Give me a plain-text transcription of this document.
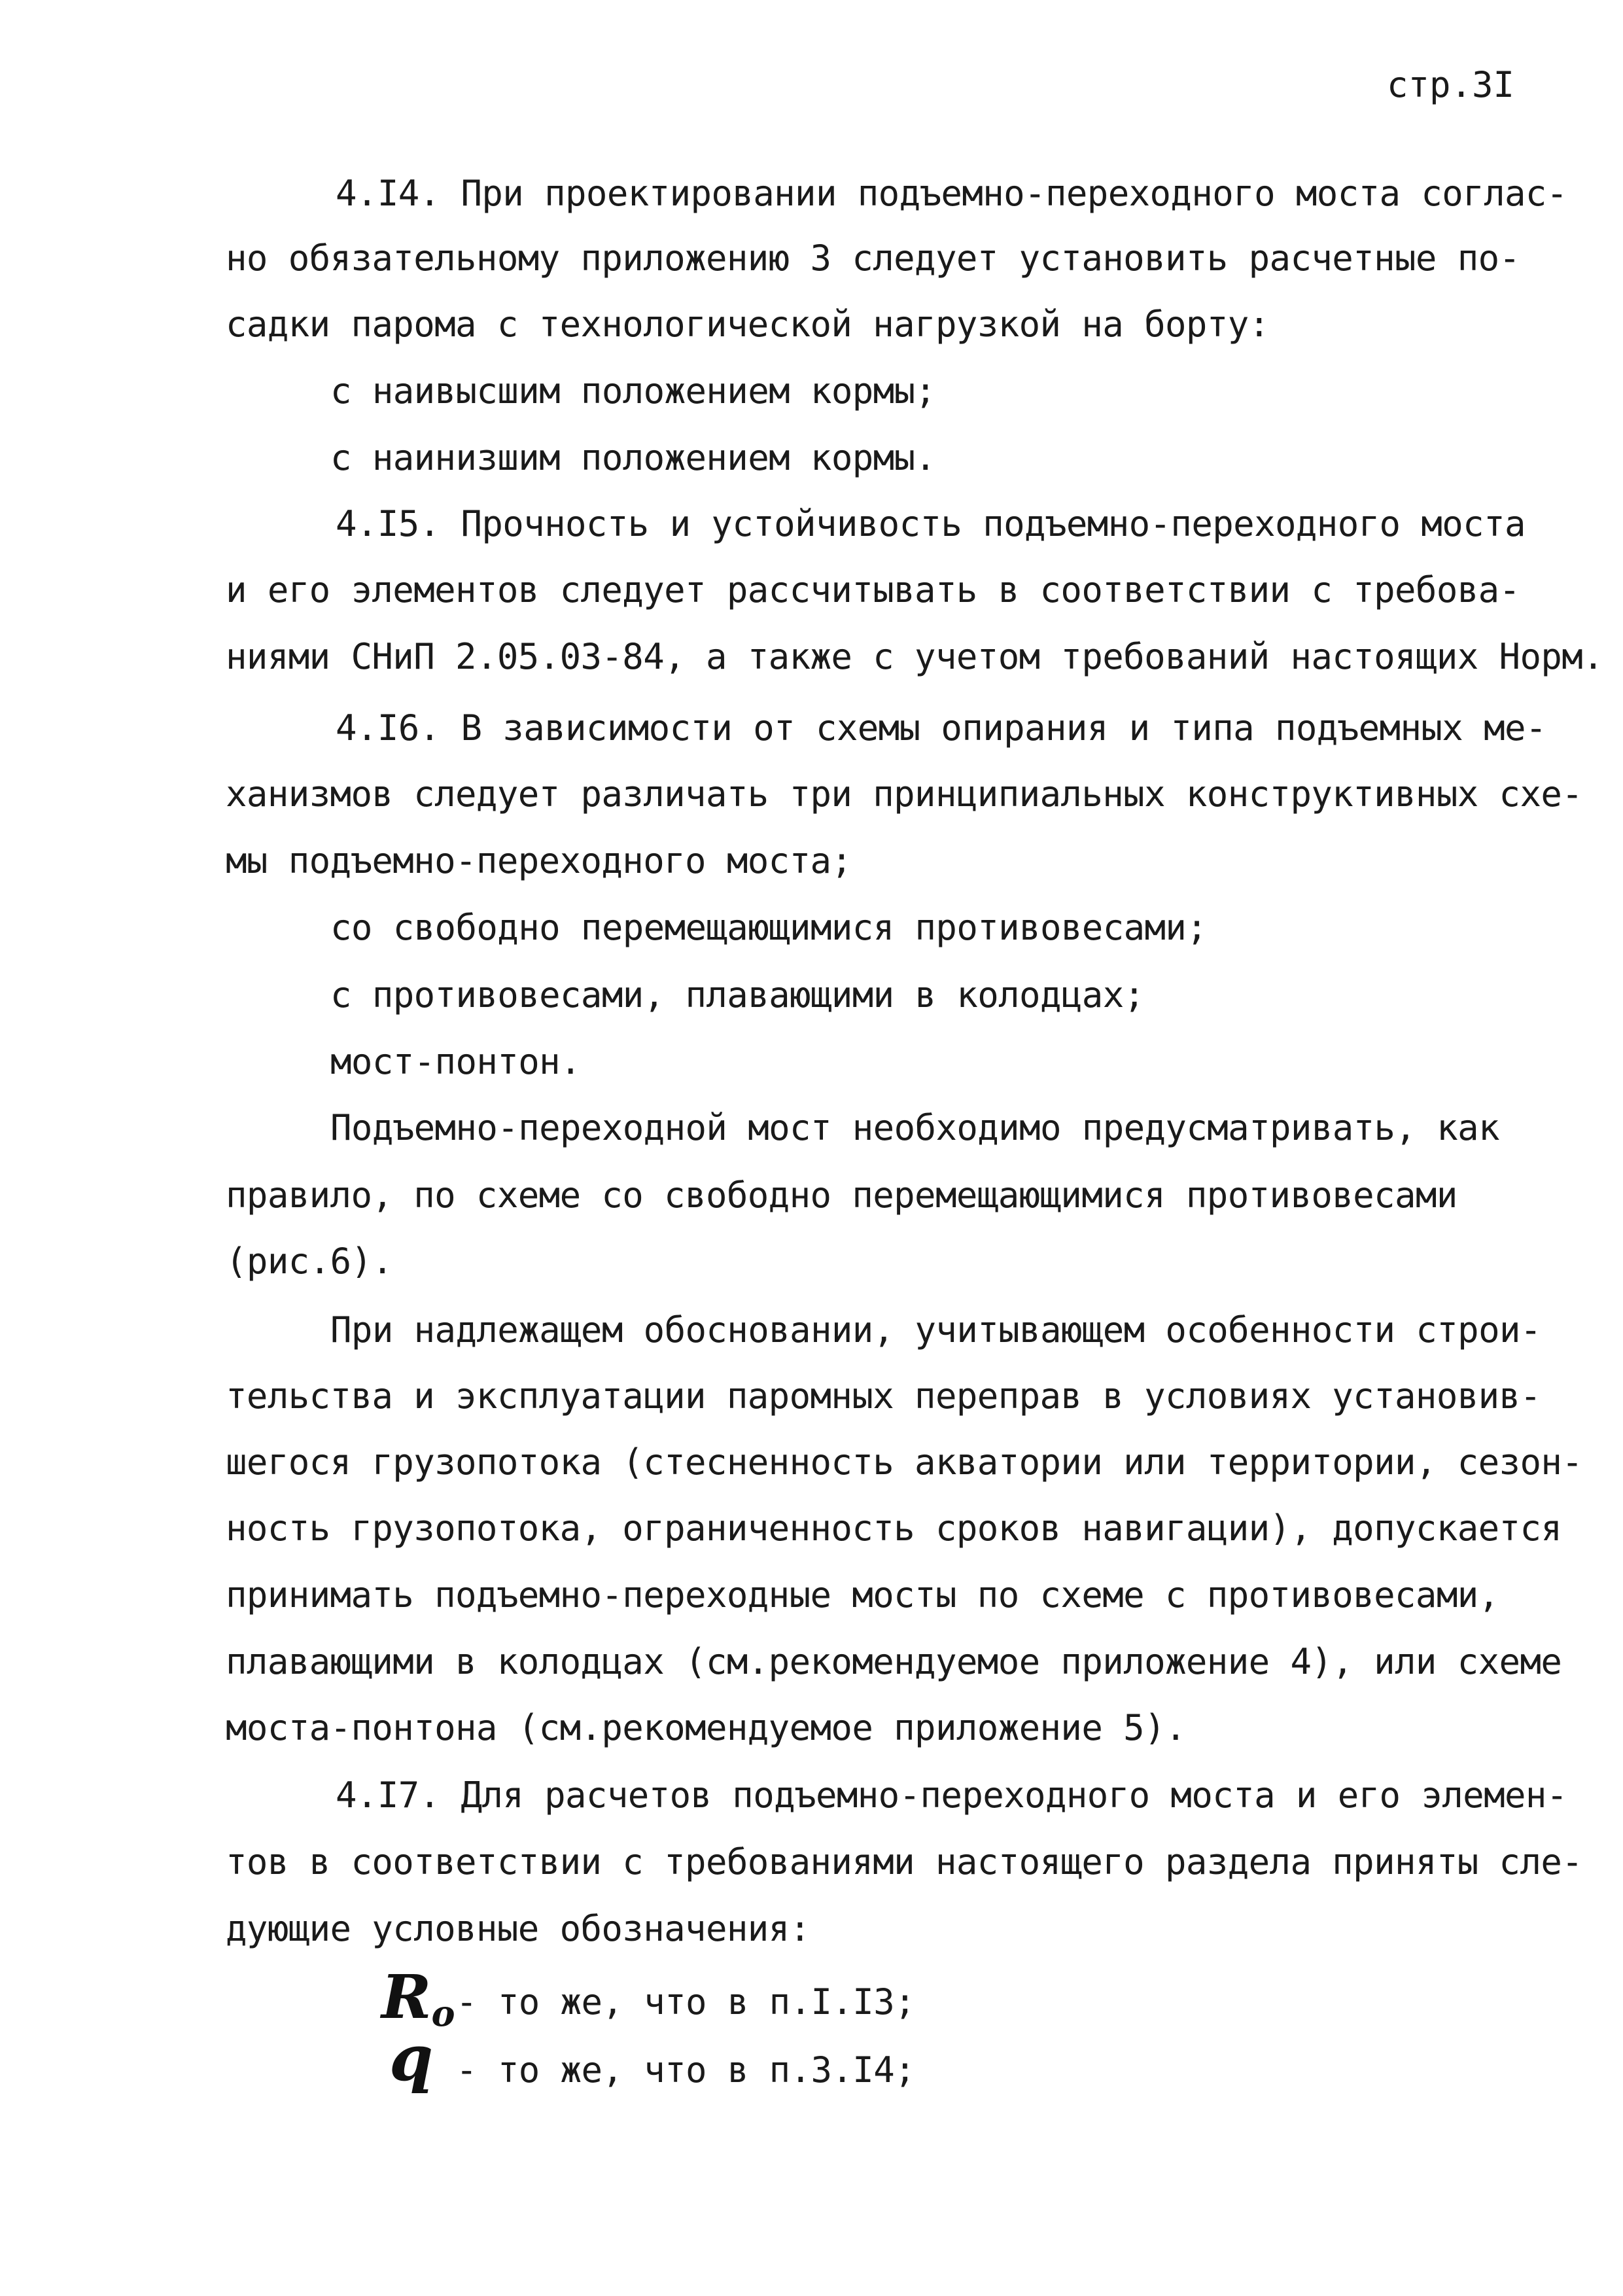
стр.3I
4.I4. При проектировании подъемно-переходного моста соглас-
но обязательному приложению 3 следует установить расчетные по-
садки парома с технологической нагрузкой на борту:
с наивысшим положением кормы;
с наинизшим положением кормы.
4.I5. Прочность и устойчивость подъемно-переходного моста
и его элементов следует рассчитывать в соответствии с требова-
ниями СНиП 2.05.03-84, а также с учетом требований настоящих Норм.
4.I6. В зависимости от схемы опирания и типа подъемных ме-
ханизмов следует различать три принципиальных конструктивных схе-
мы подъемно-переходного моста;
со свободно перемещающимися противовесами;
с противовесами, плавающими в колодцах;
мост-понтон.
Подъемно-переходной мост необходимо предусматривать, как
правило, по схеме со свободно перемещающимися противовесами
(рис.6).
При надлежащем обосновании, учитывающем особенности строи-
тельства и эксплуатации паромных переправ в условиях установив-
шегося грузопотока (стесненность акватории или территории, сезон-
ность грузопотока, ограниченность сроков навигации), допускается
принимать подъемно-переходные мосты по схеме с противовесами,
плавающими в колодцах (см.рекомендуемое приложение 4), или схеме
моста-понтона (см.рекомендуемое приложение 5).
4.I7. Для расчетов подъемно-переходного моста и его элемен-
тов в соответствии с требованиями настоящего раздела приняты сле-
дующие условные обозначения:
$R_o$ - то же, что в п.I.I3;
q - то же, что в п.3.I4;
